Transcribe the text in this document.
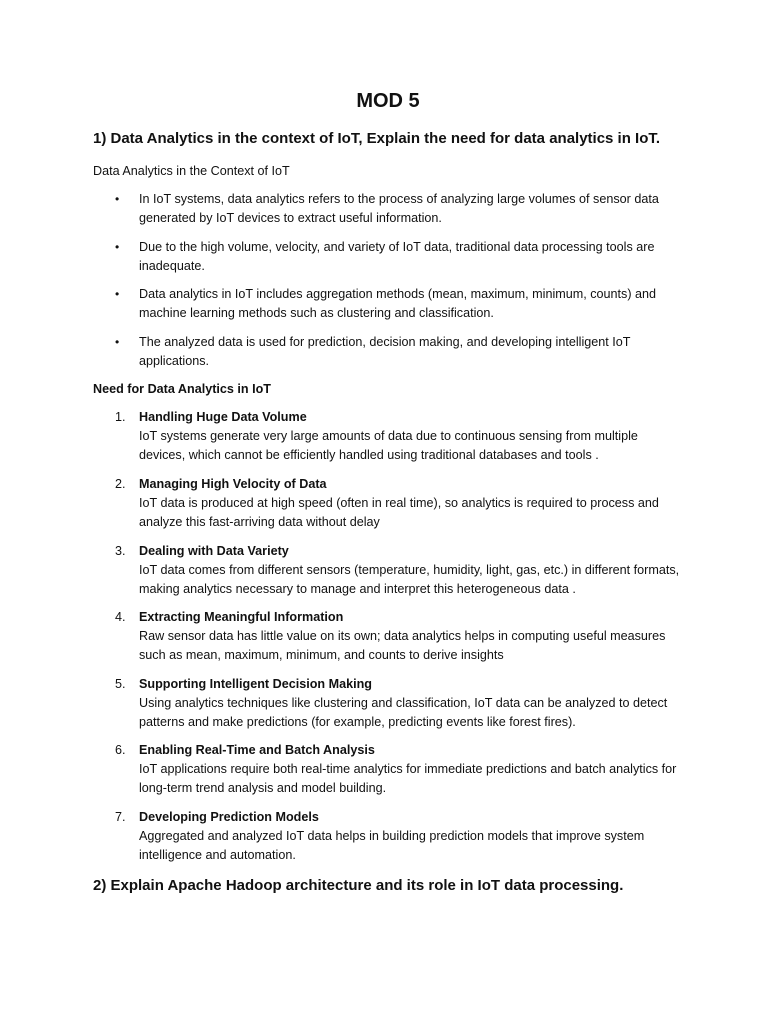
MOD 5
1) Data Analytics in the context of IoT, Explain the need for data analytics in IoT.

Data Analytics in the Context of IoT

• In IoT systems, data analytics refers to the process of analyzing large volumes of sensor data generated by IoT devices to extract useful information.
• Due to the high volume, velocity, and variety of IoT data, traditional data processing tools are inadequate.
• Data analytics in IoT includes aggregation methods (mean, maximum, minimum, counts) and machine learning methods such as clustering and classification.
• The analyzed data is used for prediction, decision making, and developing intelligent IoT applications.

Need for Data Analytics in IoT

1. Handling Huge Data Volume
IoT systems generate very large amounts of data due to continuous sensing from multiple devices, which cannot be efficiently handled using traditional databases and tools .
2. Managing High Velocity of Data
IoT data is produced at high speed (often in real time), so analytics is required to process and analyze this fast-arriving data without delay
3. Dealing with Data Variety
IoT data comes from different sensors (temperature, humidity, light, gas, etc.) in different formats, making analytics necessary to manage and interpret this heterogeneous data .
4. Extracting Meaningful Information
Raw sensor data has little value on its own; data analytics helps in computing useful measures such as mean, maximum, minimum, and counts to derive insights
5. Supporting Intelligent Decision Making
Using analytics techniques like clustering and classification, IoT data can be analyzed to detect patterns and make predictions (for example, predicting events like forest fires).
6. Enabling Real-Time and Batch Analysis
IoT applications require both real-time analytics for immediate predictions and batch analytics for long-term trend analysis and model building.
7. Developing Prediction Models
Aggregated and analyzed IoT data helps in building prediction models that improve system intelligence and automation.
2) Explain Apache Hadoop architecture and its role in IoT data processing.
